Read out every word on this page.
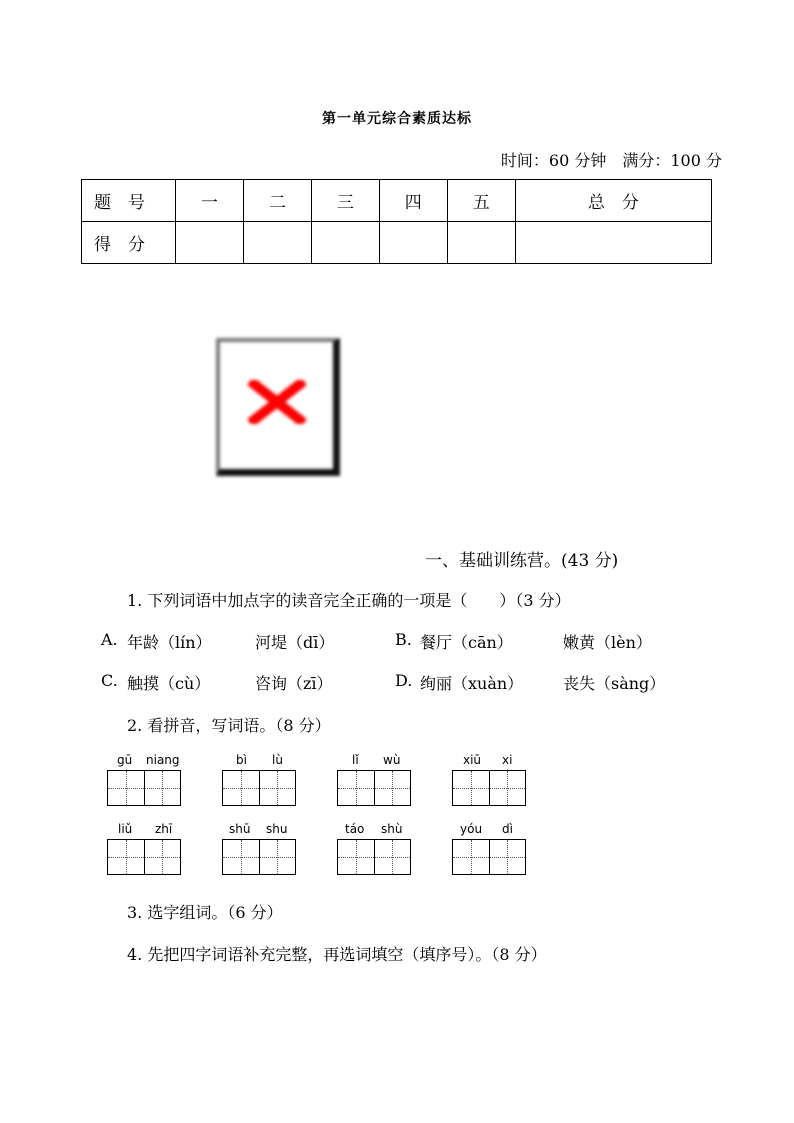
第一单元综合素质达标
时间：60 分钟　满分：100 分
题　号	一	二	三	四	五	总　分
得　分						
一、基础训练营。(43 分)
1. 下列词语中加点字的读音完全正确的一项是（　　）（3 分）
A. 年龄（lín）	河堤（dī）	B. 餐厅（cān）	嫩黄（lèn）
C. 触摸（cù）	咨询（zī）	D. 绚丽（xuàn） 丧失（sàng）
2. 看拼音，写词语。（8 分）
gū niang	bì lù	lǐ wù	xiū xi
liǔ zhī	shū shu	táo shù	yóu dì
3. 选字组词。（6 分）
4. 先把四字词语补充完整，再选词填空（填序号）。（8 分）
